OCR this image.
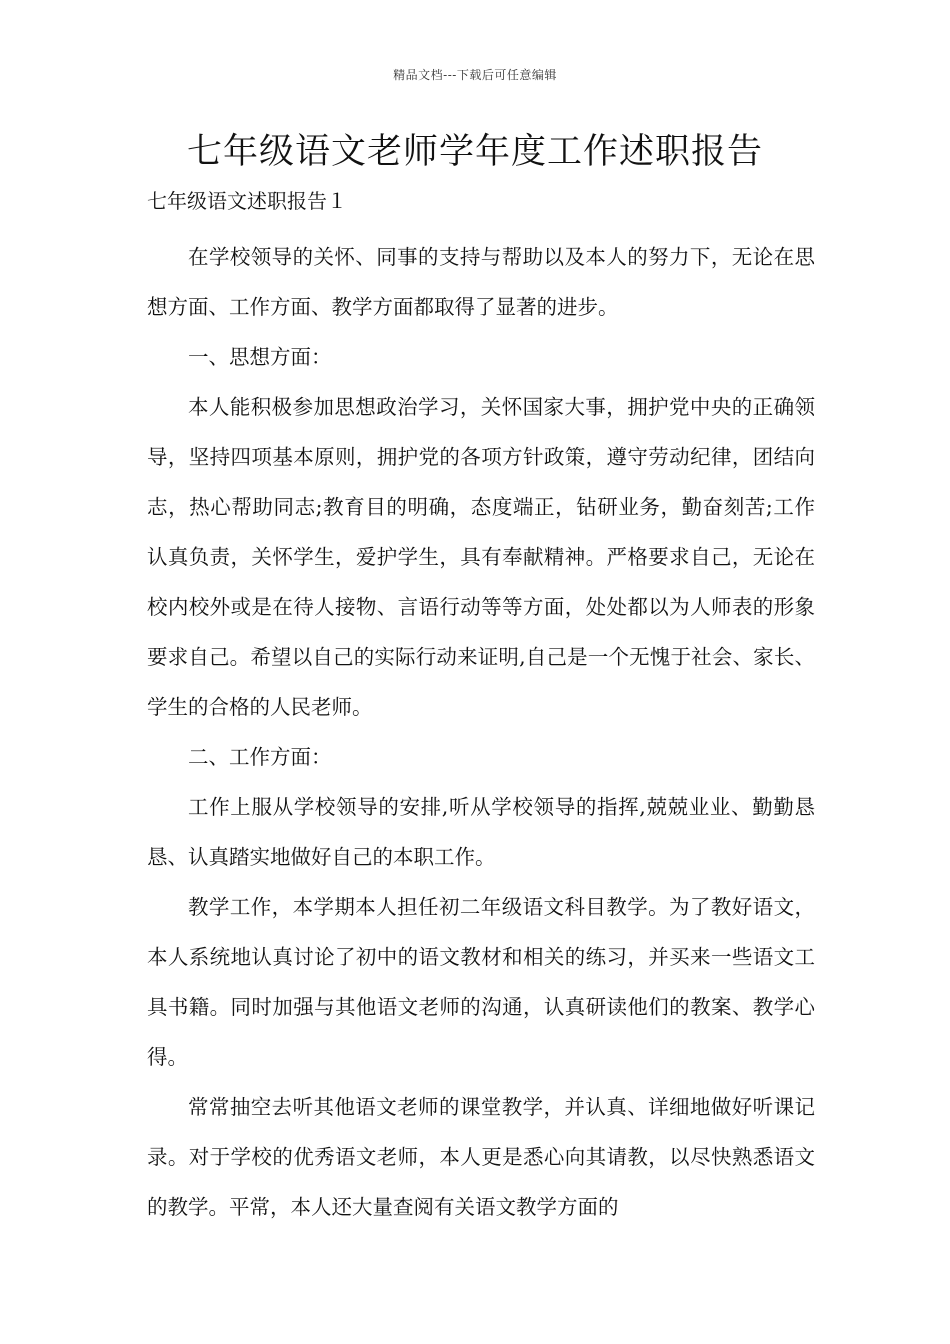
精品文档---下载后可任意编辑
七年级语文老师学年度工作述职报告
七年级语文述职报告１

在学校领导的关怀、同事的支持与帮助以及本人的努力下，无论在思想方面、工作方面、教学方面都取得了显著的进步。

一、思想方面：

本人能积极参加思想政治学习，关怀国家大事，拥护党中央的正确领导，坚持四项基本原则，拥护党的各项方针政策，遵守劳动纪律，团结向志，热心帮助同志;教育目的明确，态度端正，钻研业务，勤奋刻苦;工作认真负责，关怀学生，爱护学生，具有奉献精神。严格要求自己，无论在校内校外或是在待人接物、言语行动等等方面，处处都以为人师表的形象要求自己。希望以自己的实际行动来证明,自己是一个无愧于社会、家长、学生的合格的人民老师。

二、工作方面：

工作上服从学校领导的安排,听从学校领导的指挥,兢兢业业、勤勤恳恳、认真踏实地做好自己的本职工作。

教学工作，本学期本人担任初二年级语文科目教学。为了教好语文，本人系统地认真讨论了初中的语文教材和相关的练习，并买来一些语文工具书籍。同时加强与其他语文老师的沟通，认真研读他们的教案、教学心得。

常常抽空去听其他语文老师的课堂教学，并认真、详细地做好听课记录。对于学校的优秀语文老师，本人更是悉心向其请教，以尽快熟悉语文的教学。平常，本人还大量查阅有关语文教学方面的
